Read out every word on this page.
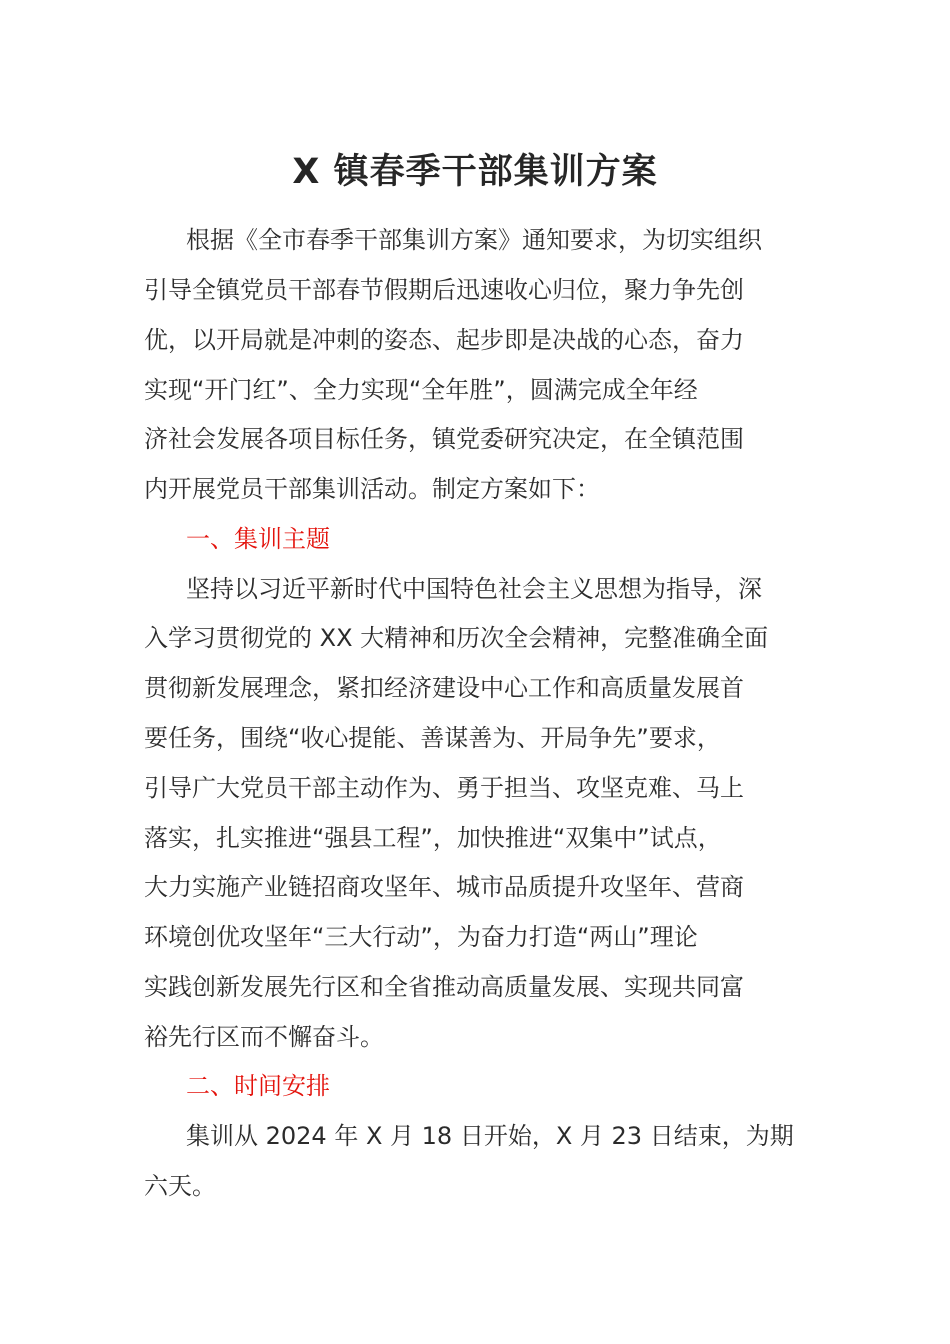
X 镇春季干部集训方案
根据《全市春季干部集训方案》通知要求，为切实组织
引导全镇党员干部春节假期后迅速收心归位，聚力争先创
优，以开局就是冲刺的姿态、起步即是决战的心态，奋力
实现“开门红”、全力实现“全年胜”，圆满完成全年经
济社会发展各项目标任务，镇党委研究决定，在全镇范围
内开展党员干部集训活动。制定方案如下：
一、集训主题
坚持以习近平新时代中国特色社会主义思想为指导，深
入学习贯彻党的 XX 大精神和历次全会精神，完整准确全面
贯彻新发展理念，紧扣经济建设中心工作和高质量发展首
要任务，围绕“收心提能、善谋善为、开局争先”要求，
引导广大党员干部主动作为、勇于担当、攻坚克难、马上
落实，扎实推进“强县工程”，加快推进“双集中”试点，
大力实施产业链招商攻坚年、城市品质提升攻坚年、营商
环境创优攻坚年“三大行动”，为奋力打造“两山”理论
实践创新发展先行区和全省推动高质量发展、实现共同富
裕先行区而不懈奋斗。
二、时间安排
集训从 2024 年 X 月 18 日开始，X 月 23 日结束，为期
六天。
